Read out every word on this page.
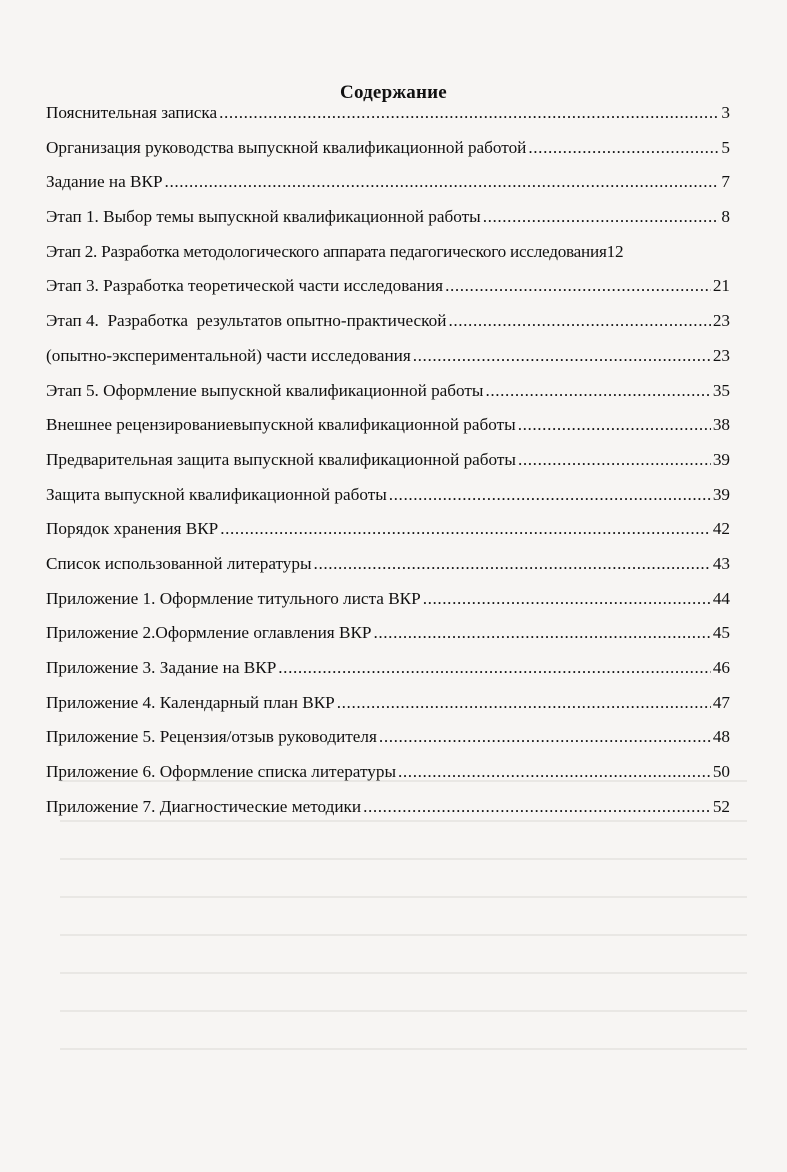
Содержание
Пояснительная записка .....	3
Организация руководства выпускной квалификационной работой .....	5
Задание на ВКР .....	7
Этап 1. Выбор темы выпускной квалификационной работы .....	8
Этап 2. Разработка методологического аппарата педагогического исследования 12
Этап 3. Разработка теоретической части исследования .....	21
Этап 4.  Разработка  результатов опытно-практической .....	23
(опытно-экспериментальной) части исследования .....	23
Этап 5. Оформление выпускной квалификационной работы .....	35
Внешнее рецензированиевыпускной квалификационной работы .....	38
Предварительная защита выпускной квалификационной работы .....	39
Защита выпускной квалификационной работы .....	39
Порядок хранения ВКР .....	42
Список использованной литературы .....	43
Приложение 1. Оформление титульного листа ВКР .....	44
Приложение 2.Оформление оглавления ВКР .....	45
Приложение 3. Задание на ВКР .....	46
Приложение 4. Календарный план ВКР .....	47
Приложение 5. Рецензия/отзыв руководителя .....	48
Приложение 6. Оформление списка литературы .....	50
Приложение 7. Диагностические методики .....	52
